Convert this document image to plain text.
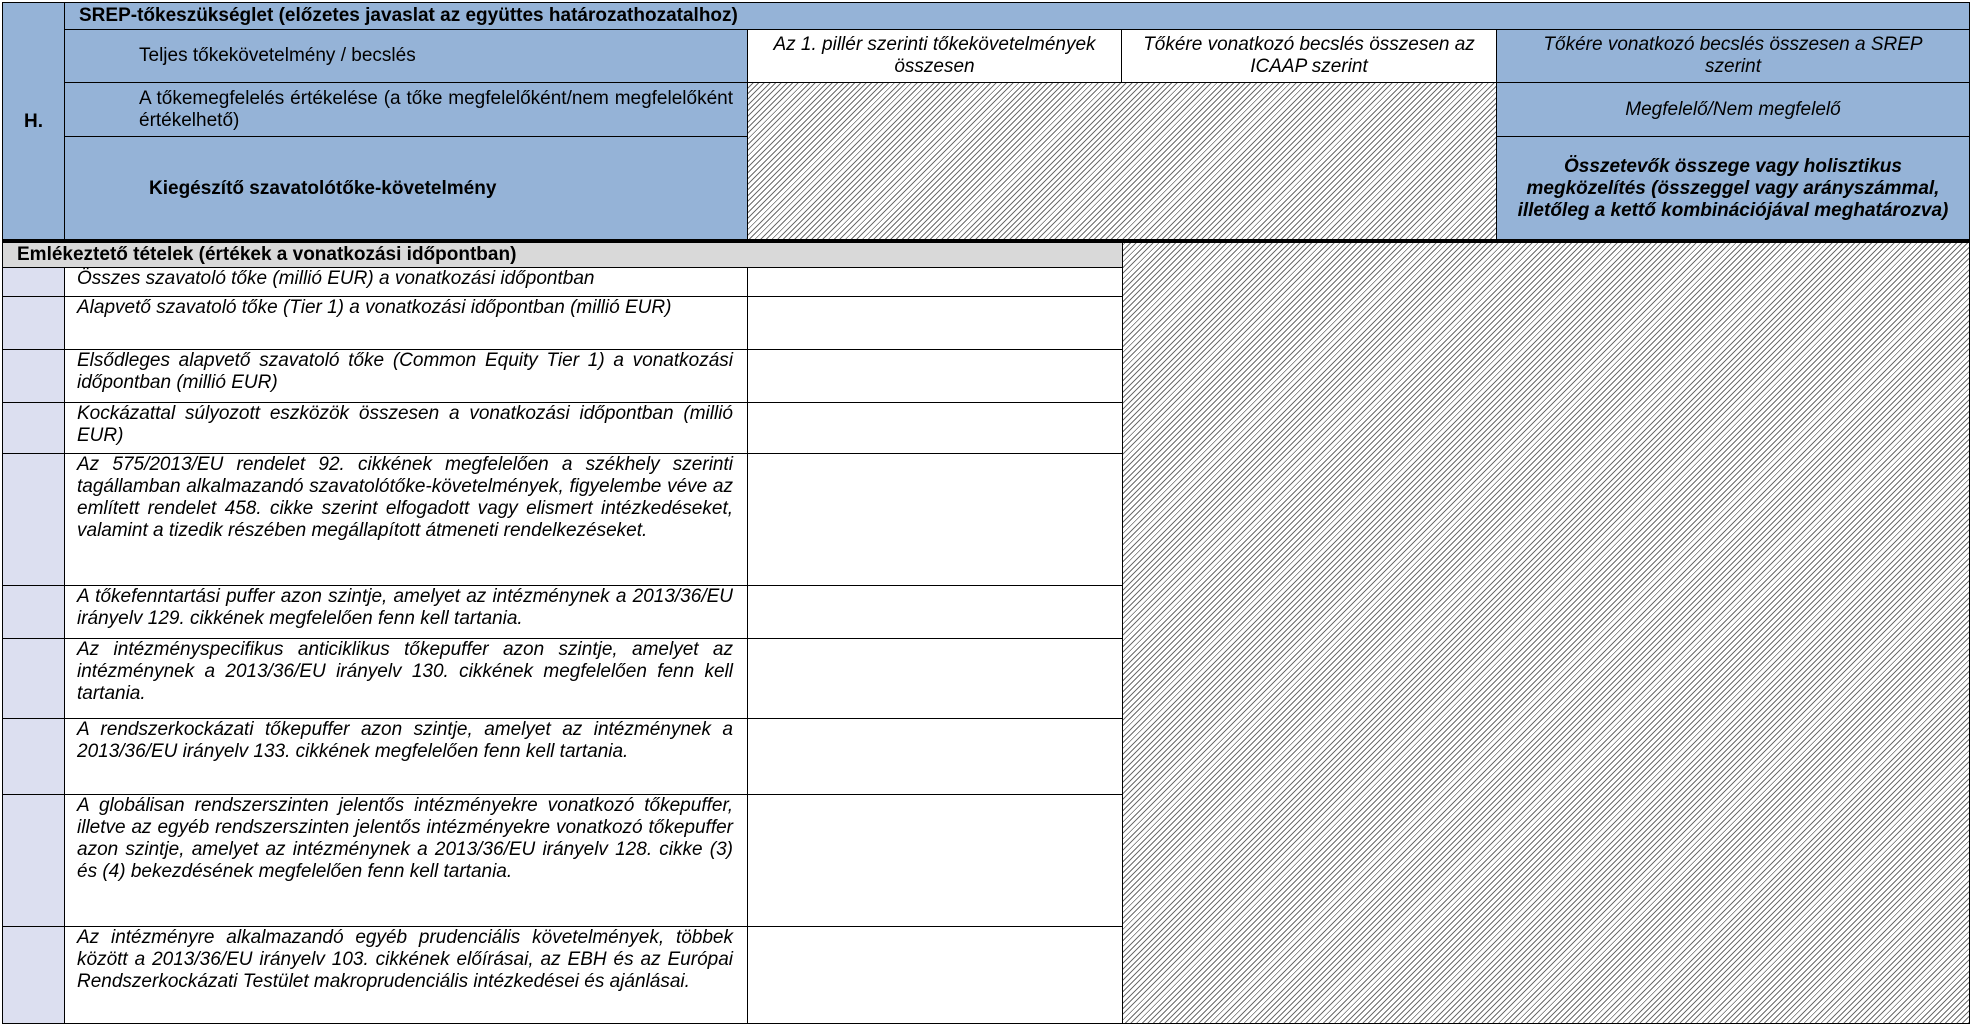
H.
SREP-tőkeszükséglet (előzetes javaslat az együttes határozathozatalhoz)
Teljes tőkekövetelmény / becslés
Az 1. pillér szerinti tőkekövetelmények összesen
Tőkére vonatkozó becslés összesen az ICAAP szerint
Tőkére vonatkozó becslés összesen a SREP szerint
A tőkemegfelelés értékelése (a tőke megfelelőként/nem megfelelőként értékelhető)
Megfelelő/Nem megfelelő
Kiegészítő szavatolótőke-követelmény
Összetevők összege vagy holisztikus megközelítés (összeggel vagy arányszámmal, illetőleg a kettő kombinációjával meghatározva)
Emlékeztető tételek (értékek a vonatkozási időpontban)
Összes szavatoló tőke (millió EUR) a vonatkozási időpontban
Alapvető szavatoló tőke (Tier 1) a vonatkozási időpontban (millió EUR)
Elsődleges alapvető szavatoló tőke (Common Equity Tier 1) a vonatkozási időpontban (millió EUR)
Kockázattal súlyozott eszközök összesen a vonatkozási időpontban (millió EUR)
Az 575/2013/EU rendelet 92. cikkének megfelelően a székhely szerinti tagállamban alkalmazandó szavatolótőke-követelmények, figyelembe véve az említett rendelet 458. cikke szerint elfogadott vagy elismert intézkedéseket, valamint a tizedik részében megállapított átmeneti rendelkezéseket.
A tőkefenntartási puffer azon szintje, amelyet az intézménynek a 2013/36/EU irányelv 129. cikkének megfelelően fenn kell tartania.
Az intézményspecifikus anticiklikus tőkepuffer azon szintje, amelyet az intézménynek a 2013/36/EU irányelv 130. cikkének megfelelően fenn kell tartania.
A rendszerkockázati tőkepuffer azon szintje, amelyet az intézménynek a 2013/36/EU irányelv 133. cikkének megfelelően fenn kell tartania.
A globálisan rendszerszinten jelentős intézményekre vonatkozó tőkepuffer, illetve az egyéb rendszerszinten jelentős intézményekre vonatkozó tőkepuffer azon szintje, amelyet az intézménynek a 2013/36/EU irányelv 128. cikke (3) és (4) bekezdésének megfelelően fenn kell tartania.
Az intézményre alkalmazandó egyéb prudenciális követelmények, többek között a 2013/36/EU irányelv 103. cikkének előírásai, az EBH és az Európai Rendszerkockázati Testület makroprudenciális intézkedései és ajánlásai.
